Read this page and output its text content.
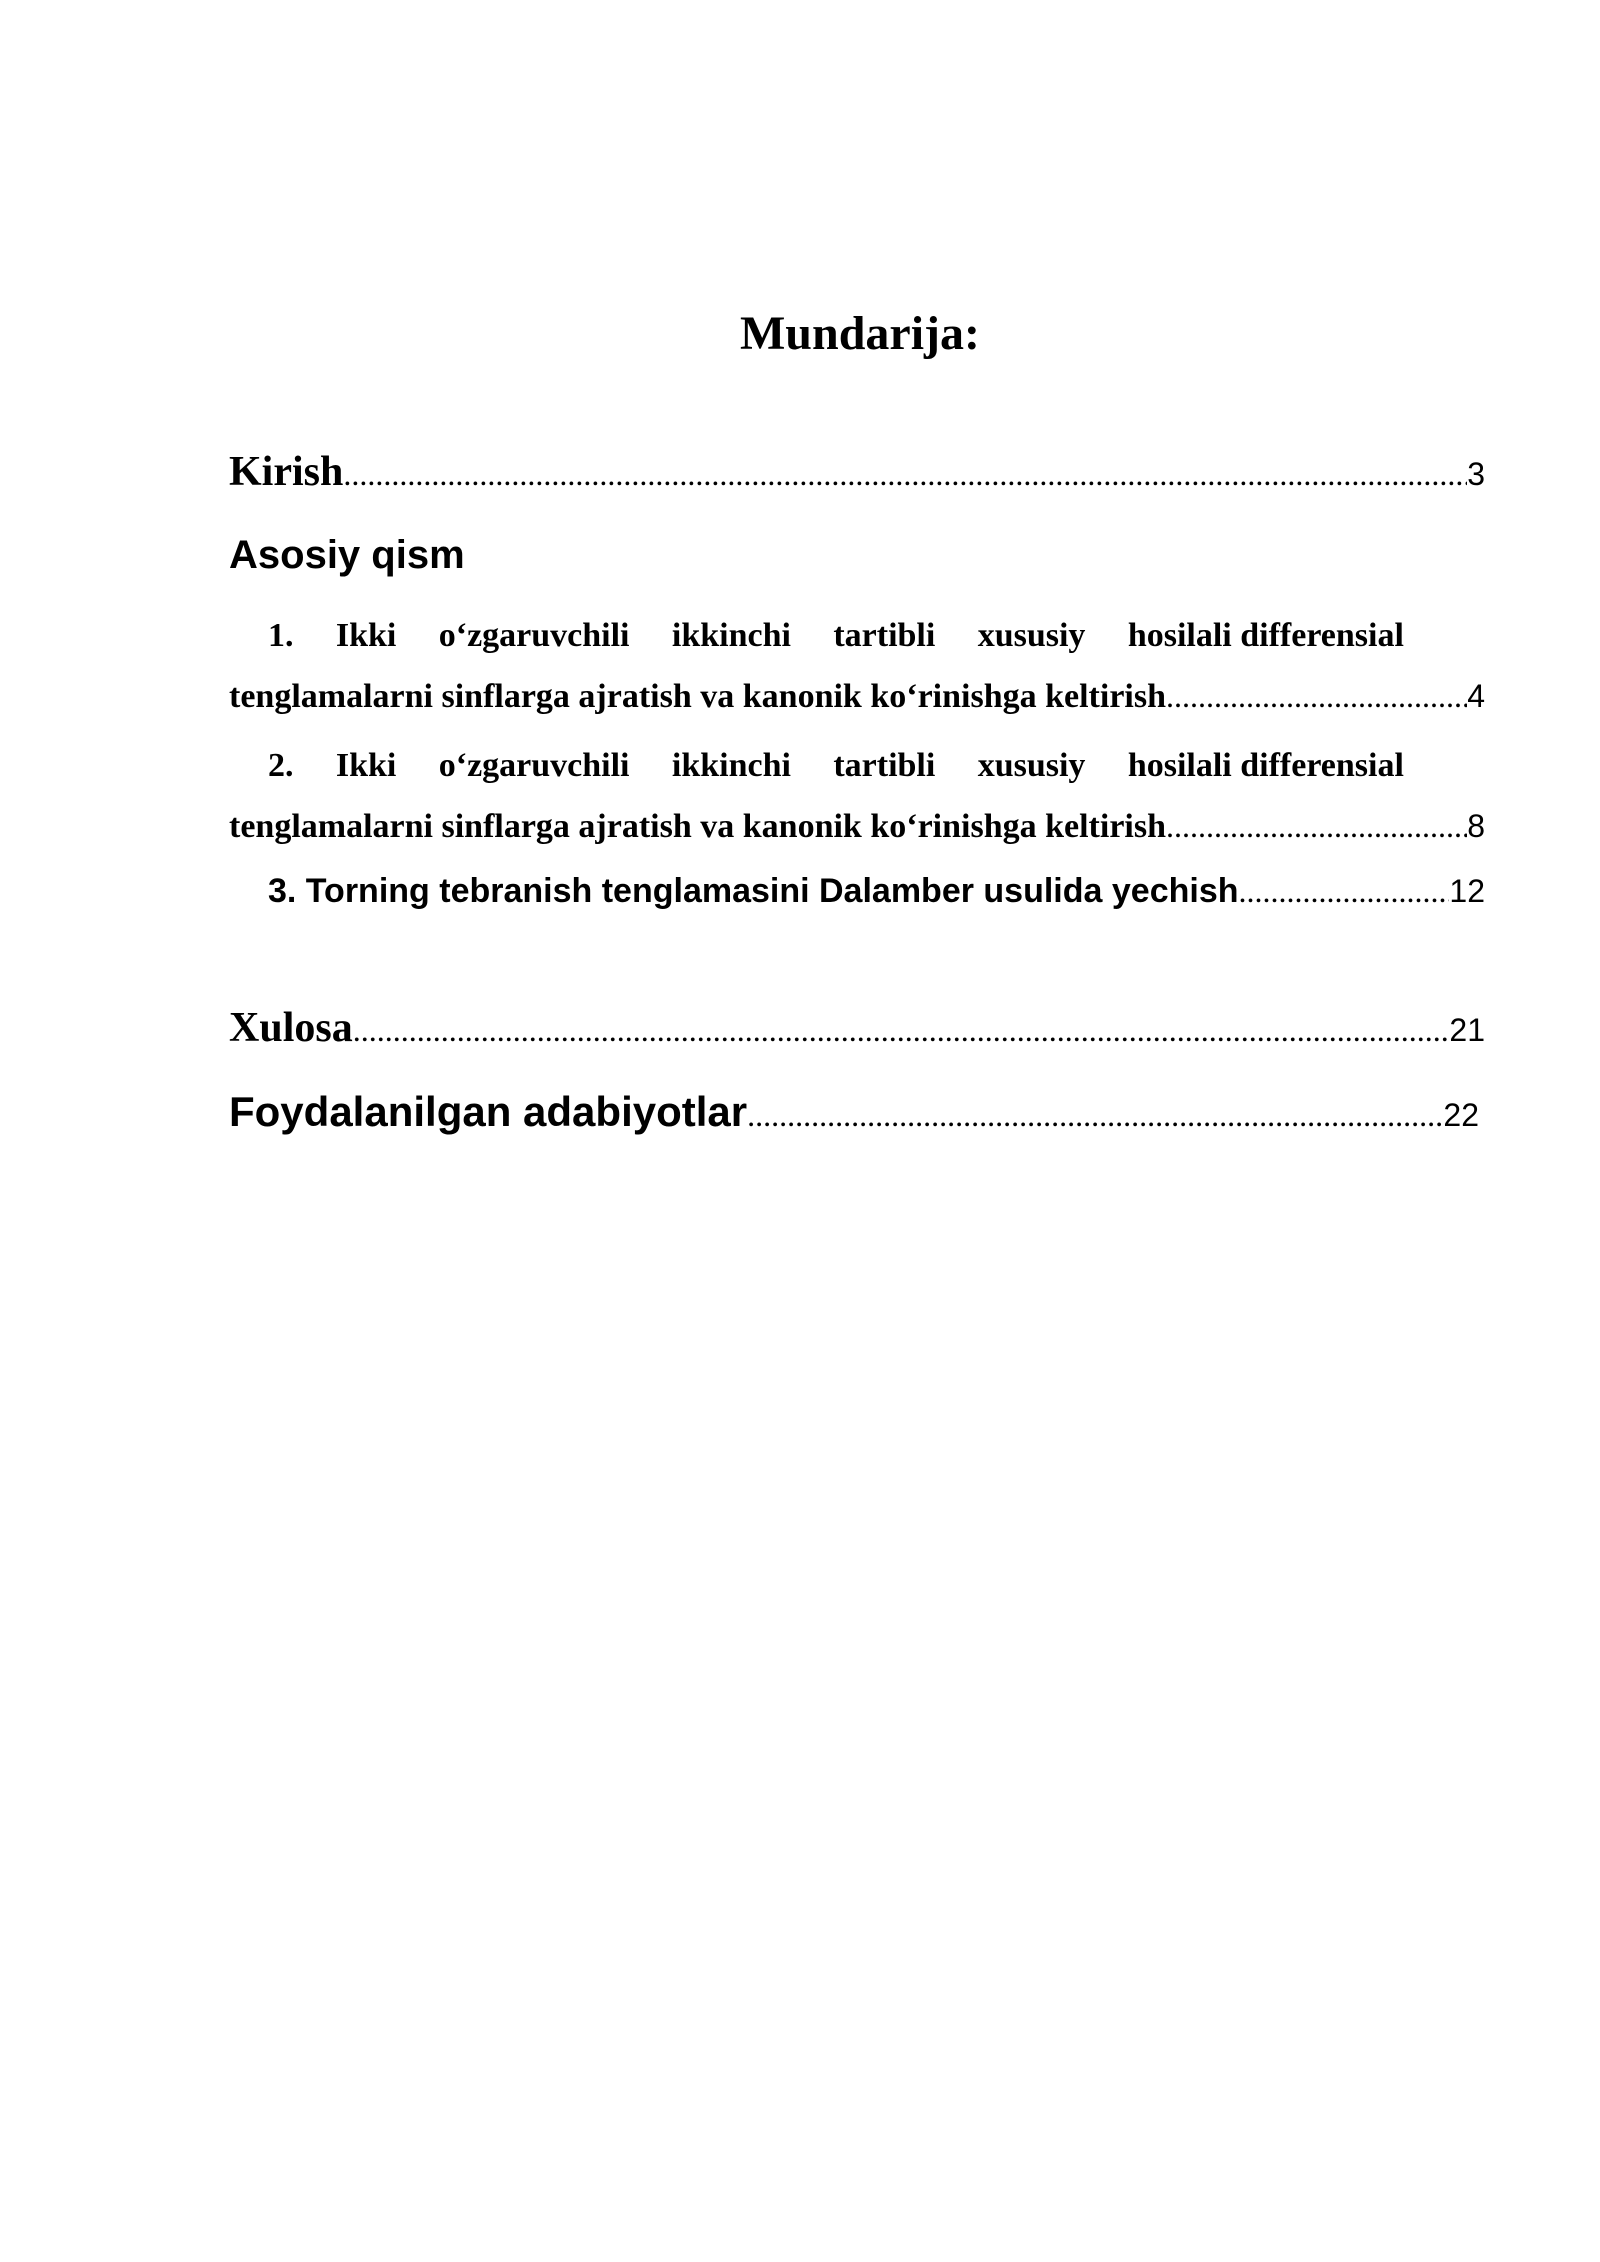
Mundarija:
Kirish .....	3
Asosiy qism
1. Ikki o‘zgaruvchili ikkinchi tartibli xususiy hosilali differensial
tenglamalarni sinflarga ajratish va kanonik ko‘rinishga keltirish .....	4
2. Ikki o‘zgaruvchili ikkinchi tartibli xususiy hosilali differensial
tenglamalarni sinflarga ajratish va kanonik ko‘rinishga keltirish .....	8
3. Torning tebranish tenglamasini Dalamber usulida yechish .....	12
Xulosa .....	21
Foydalanilgan adabiyotlar .....	22
